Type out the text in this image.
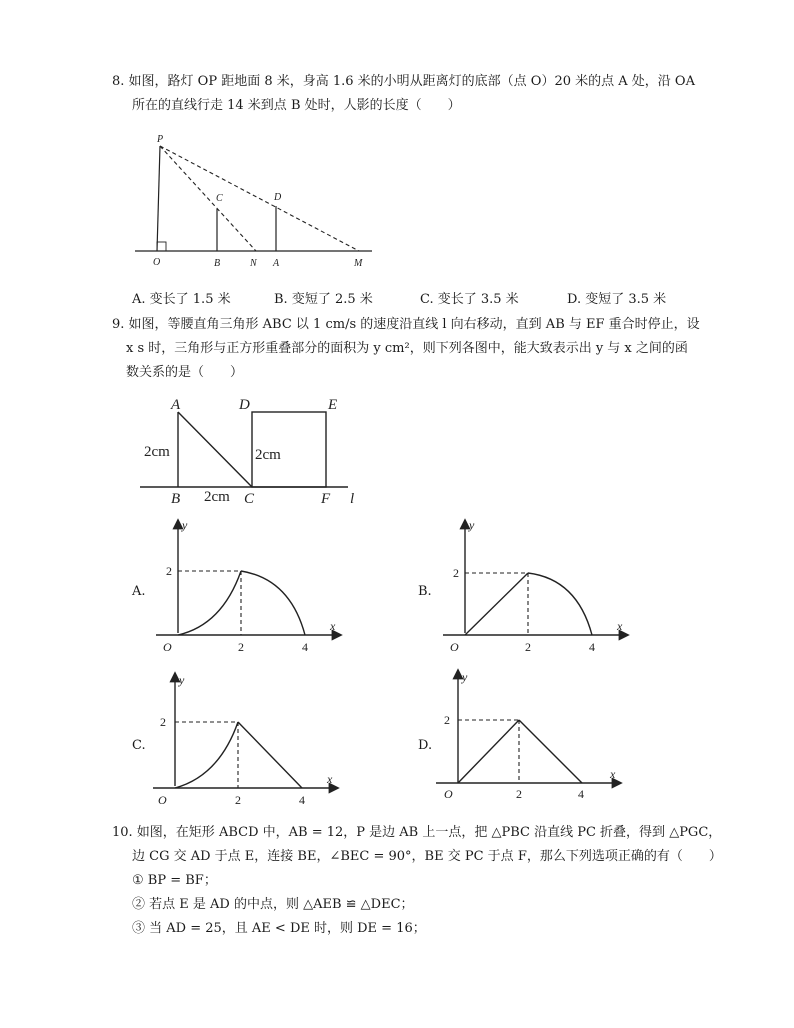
8. 如图，路灯 OP 距地面 8 米，身高 1.6 米的小明从距离灯的底部（点 O）20 米的点 A 处，沿 OA
所在的直线行走 14 米到点 B 处时，人影的长度（　　）
P
C	D
O	B	N A	M
A. 变长了 1.5 米	B. 变短了 2.5 米	C. 变长了 3.5 米	D. 变短了 3.5 米
9. 如图，等腰直角三角形 ABC 以 1 cm/s 的速度沿直线 l 向右移动，直到 AB 与 EF 重合时停止，设
x s 时，三角形与正方形重叠部分的面积为 y cm²，则下列各图中，能大致表示出 y 与 x 之间的函
数关系的是（　　）
A
B	C
D	E
F l
2cm
2cm
2cm
A.
y
x
O
2
2	4
B.
y
x
O
2
2	4
C.
y
x
O
2
2	4
D.
y
x
O
2
2	4
10. 如图，在矩形 ABCD 中，AB = 12，P 是边 AB 上一点，把 △PBC 沿直线 PC 折叠，得到 △PGC，
边 CG 交 AD 于点 E，连接 BE，∠BEC = 90°，BE 交 PC 于点 F，那么下列选项正确的有（　　）
① BP = BF；
② 若点 E 是 AD 的中点，则 △AEB ≌ △DEC；
③ 当 AD = 25，且 AE < DE 时，则 DE = 16；
